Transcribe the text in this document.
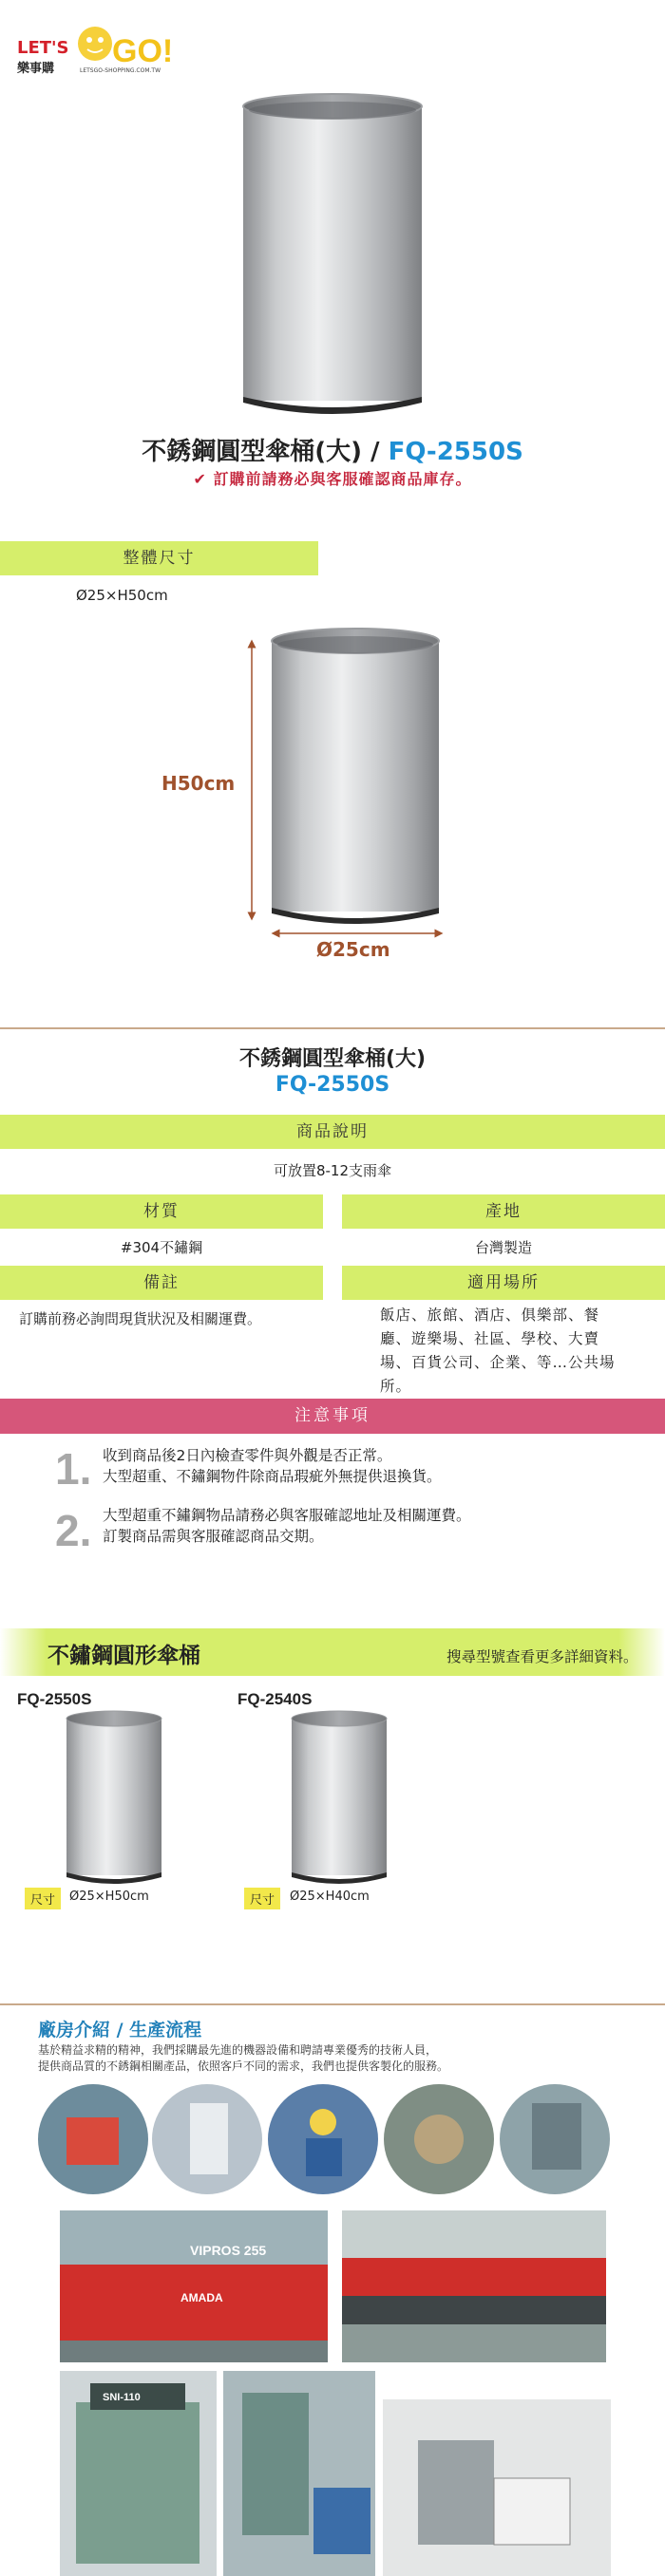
LET'S GO!
樂事購	LETSGO-SHOPPING.COM.TW
VIPROS 255
AMADA
SNI-110
不銹鋼圓型傘桶(大) / FQ-2550S
✔ 訂購前請務必與客服確認商品庫存。
整體尺寸
Ø25×H50cm
H50cm
Ø25cm
不銹鋼圓型傘桶(大)
FQ-2550S
商品說明
可放置8-12支雨傘
材質	產地
#304不鏽鋼	台灣製造
備註	適用場所
訂購前務必詢問現貨狀況及相關運費。	飯店、旅館、酒店、俱樂部、餐廳、遊樂場、社區、學校、大賣場、百貨公司、企業、等…公共場所。
注意事項
1. 收到商品後2日內檢查零件與外觀是否正常。
大型超重、不鏽鋼物件除商品瑕疵外無提供退換貨。
2. 大型超重不鏽鋼物品請務必與客服確認地址及相關運費。
訂製商品需與客服確認商品交期。
不鏽鋼圓形傘桶	搜尋型號查看更多詳細資料。
FQ-2550S	FQ-2540S
尺寸	Ø25×H50cm	尺寸	Ø25×H40cm
廠房介紹 / 生產流程
基於精益求精的精神，我們採購最先進的機器設備和聘請專業優秀的技術人員，
提供商品質的不銹鋼相關產品，依照客戶不同的需求，我們也提供客製化的服務。
